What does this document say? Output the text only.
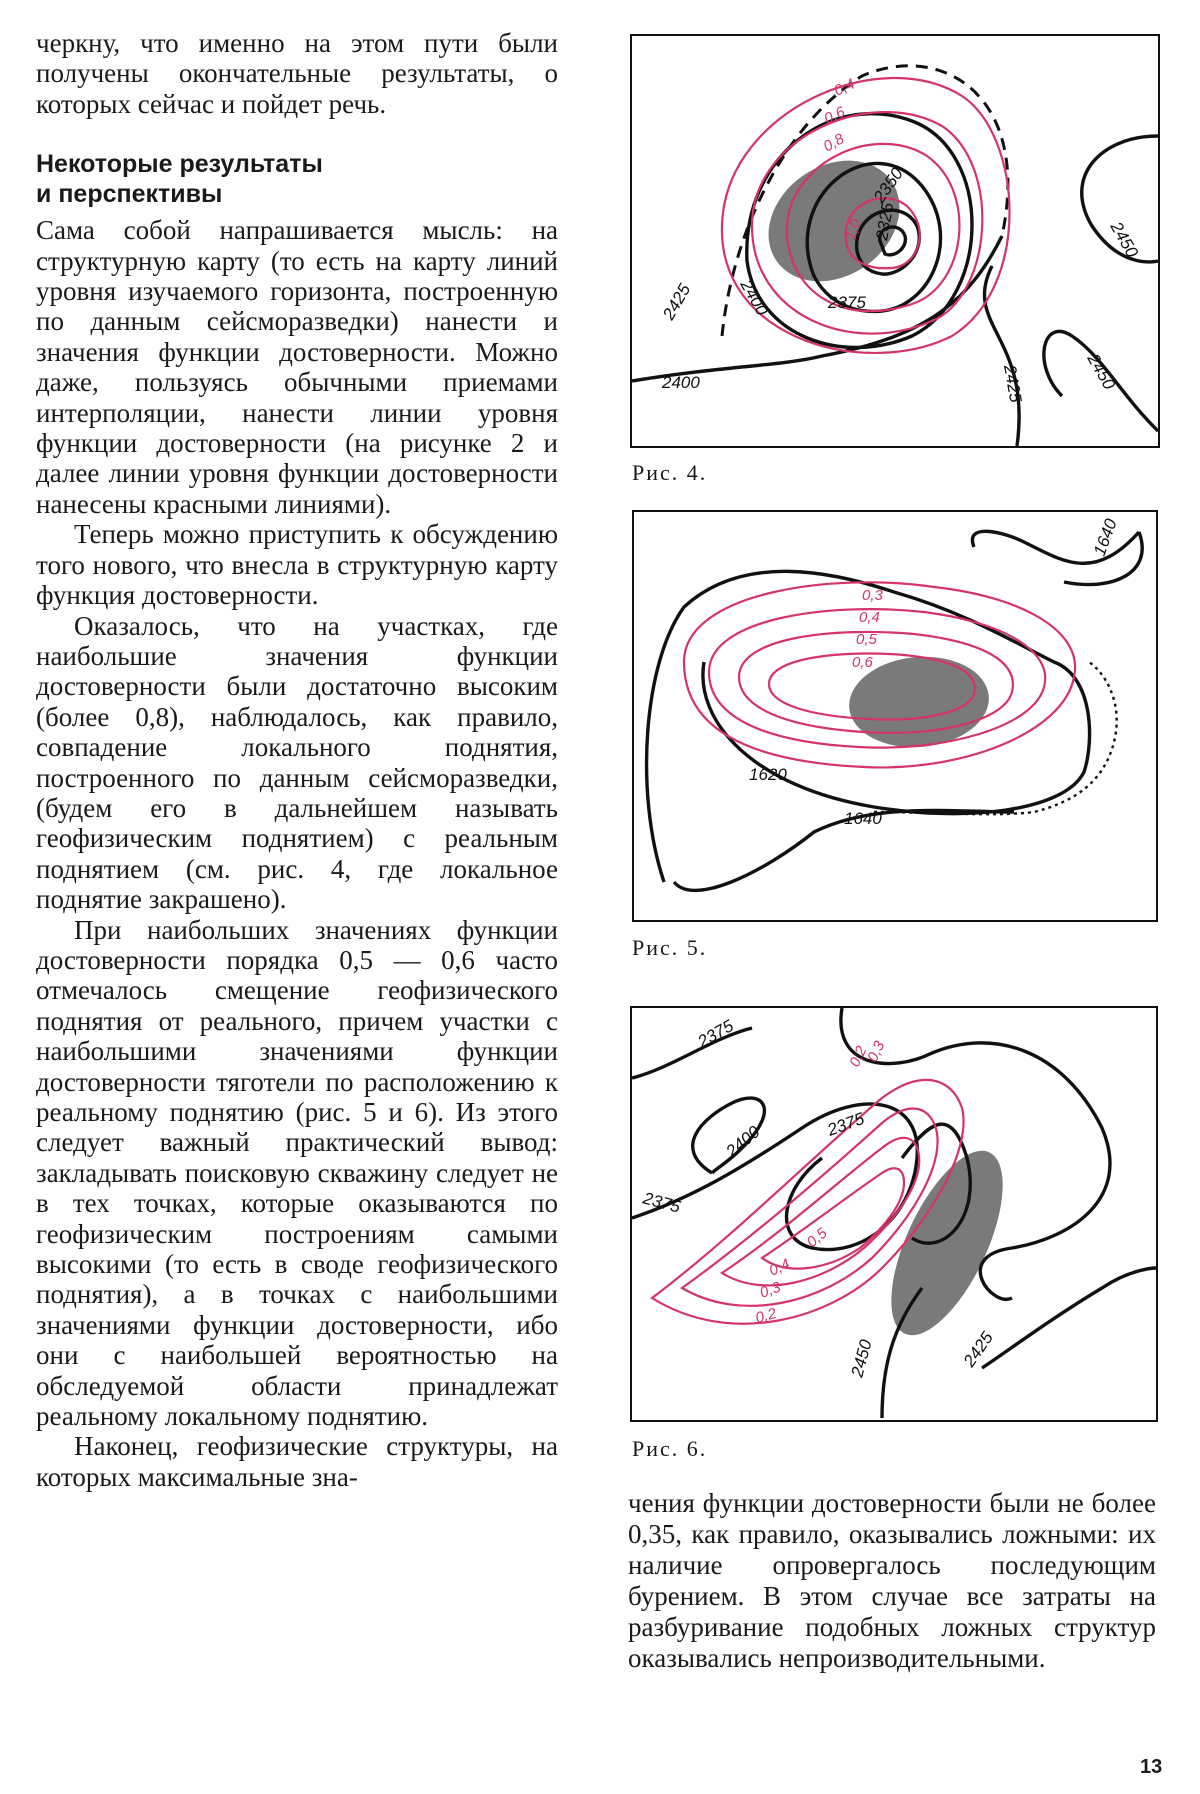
черкну, что именно на этом пути были получены окончательные результаты, о которых сейчас и пойдет речь.

Некоторые результаты
и перспективы

Сама собой напрашивается мысль: на структурную карту (то есть на карту линий уровня изучаемого горизонта, построенную по данным сейсморазведки) нанести и значения функции достоверности. Можно даже, пользуясь обычными приемами интерполяции, нанести линии уровня функции достоверности (на рисунке 2 и далее линии уровня функции достоверности нанесены красными линиями).

Теперь можно приступить к обсуждению того нового, что внесла в структурную карту функция достоверности.

Оказалось, что на участках, где наибольшие значения функции достоверности были достаточно высоким (более 0,8), наблюдалось, как правило, совпадение локального поднятия, построенного по данным сейсморазведки, (будем его в дальнейшем называть геофизическим поднятием) с реальным поднятием (см. рис. 4, где локальное поднятие закрашено).

При наибольших значениях функции достоверности порядка 0,5 — 0,6 часто отмечалось смещение геофизического поднятия от реального, причем участки с наибольшими значениями функции достоверности тяготели по расположению к реальному поднятию (рис. 5 и 6). Из этого следует важный практический вывод: закладывать поисковую скважину следует не в тех точках, которые оказываются по геофизическим построениям самыми высокими (то есть в своде геофизического поднятия), а в точках с наибольшими значениями функции достоверности, ибо они с наибольшей вероятностью на обследуемой области принадлежат реальному локальному поднятию.

Наконец, геофизические структуры, на которых максимальные зна-

2425 2400	2375
2350
2325
2425
2450
2450
2400
0,4
0,6
0,8
1,0
Рис. 4.
1640
1620
1640
0,3
0,4
0,5
0,6
Рис. 5.
2375
2400	2375
2375
2450	2425
0,2
0,3
0,5
0,4
0,3
0,2
Рис. 6.

чения функции достоверности были не более 0,35, как правило, оказывались ложными: их наличие опровергалось последующим бурением. В этом случае все затраты на разбуривание подобных ложных структур оказывались непроизводительными.

13
